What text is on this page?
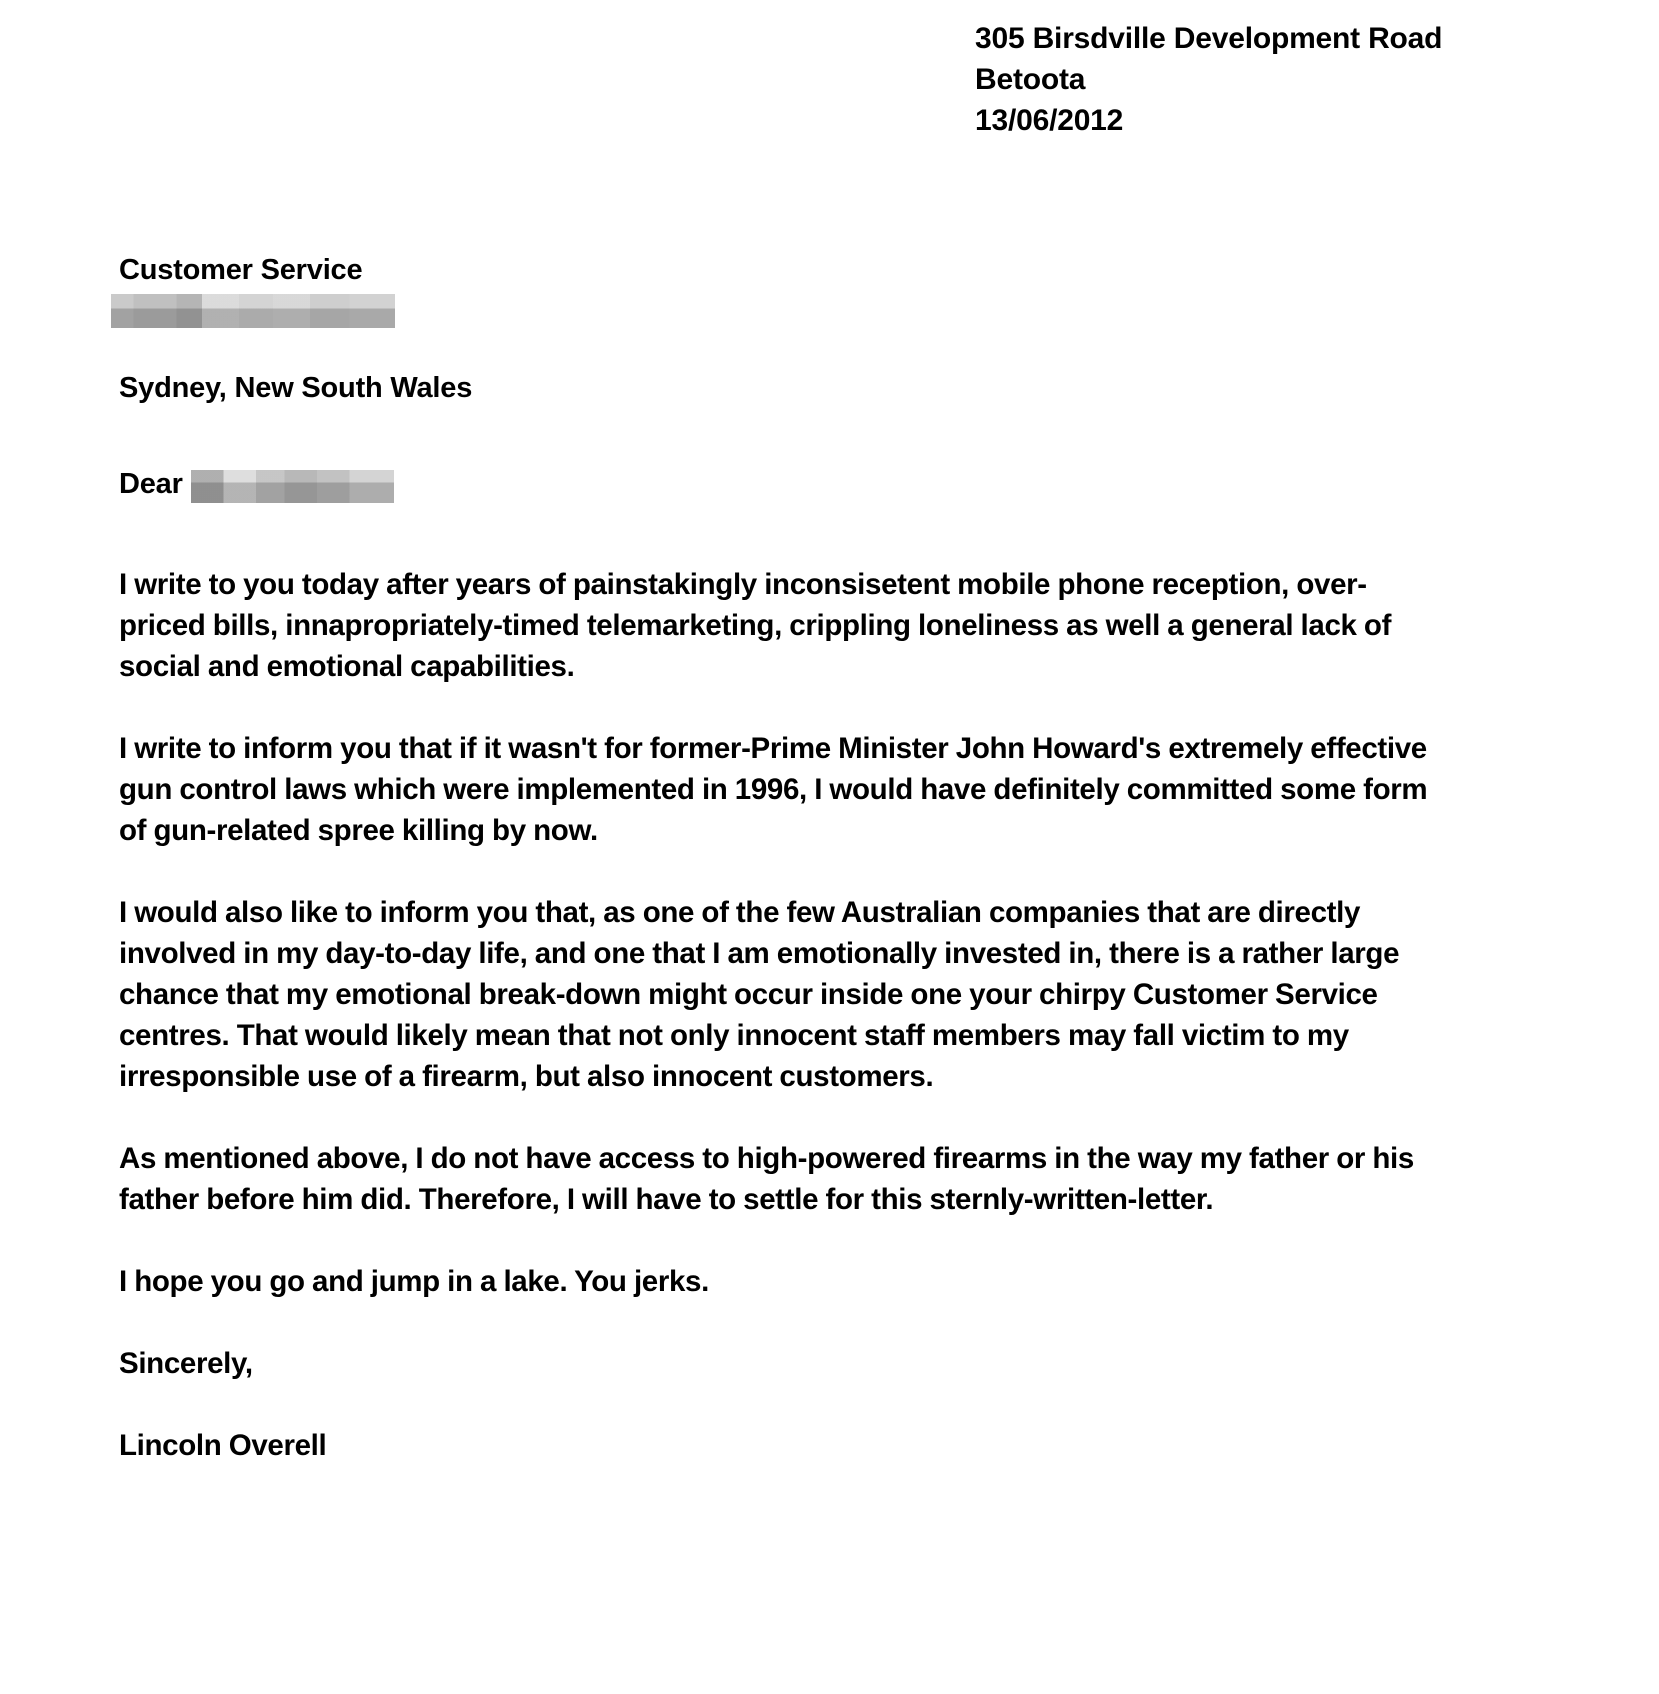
305 Birsdville Development Road
Betoota
13/06/2012
Customer Service
Sydney, New South Wales
Dear

I write to you today after years of painstakingly inconsisetent mobile phone reception, over-priced bills, innapropriately-timed telemarketing, crippling loneliness as well a general lack of social and emotional capabilities.

I write to inform you that if it wasn't for former-Prime Minister John Howard's extremely effective gun control laws which were implemented in 1996, I would have definitely committed some form of gun-related spree killing by now.

I would also like to inform you that, as one of the few Australian companies that are directly involved in my day-to-day life, and one that I am emotionally invested in, there is a rather large chance that my emotional break-down might occur inside one your chirpy Customer Service centres. That would likely mean that not only innocent staff members may fall victim to my irresponsible use of a firearm, but also innocent customers.

As mentioned above, I do not have access to high-powered firearms in the way my father or his father before him did. Therefore, I will have to settle for this sternly-written-letter.

I hope you go and jump in a lake. You jerks.

Sincerely,

Lincoln Overell
